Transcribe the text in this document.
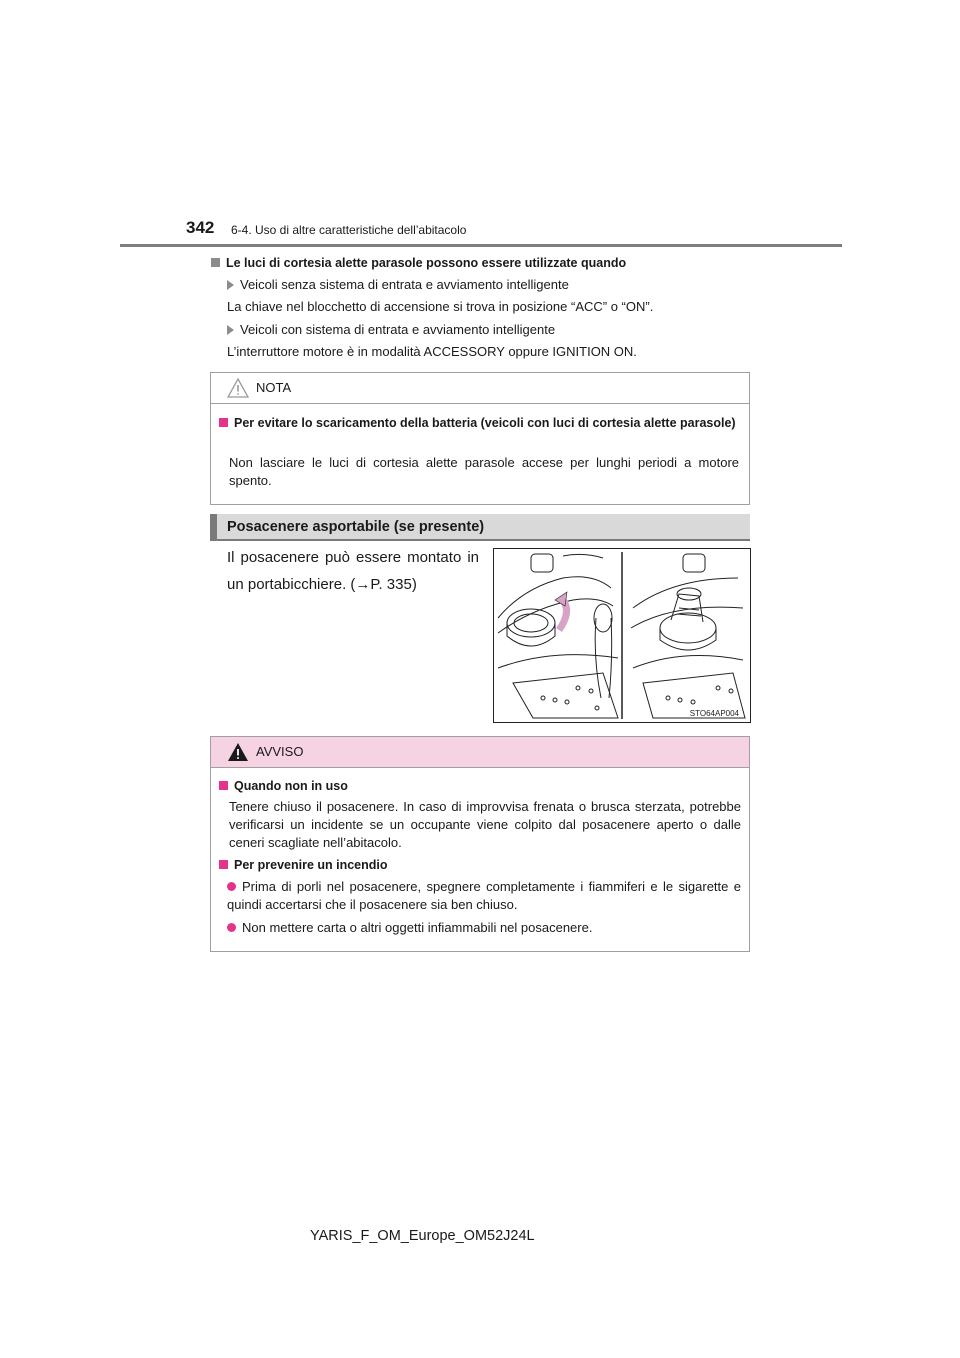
342 6-4. Uso di altre caratteristiche dell’abitacolo
Le luci di cortesia alette parasole possono essere utilizzate quando
Veicoli senza sistema di entrata e avviamento intelligente
La chiave nel blocchetto di accensione si trova in posizione “ACC” o “ON”.
Veicoli con sistema di entrata e avviamento intelligente
L’interruttore motore è in modalità ACCESSORY oppure IGNITION ON.
NOTA
Per evitare lo scaricamento della batteria (veicoli con luci di cortesia alette parasole)
Non lasciare le luci di cortesia alette parasole accese per lunghi periodi a motore spento.
Posacenere asportabile (se presente)
Il posacenere può essere montato in un portabicchiere. (→P. 335)
STO64AP004
AVVISO
Quando non in uso
Tenere chiuso il posacenere. In caso di improvvisa frenata o brusca sterzata, potrebbe verificarsi un incidente se un occupante viene colpito dal posacenere aperto o dalle ceneri scagliate nell’abitacolo.
Per prevenire un incendio
Prima di porli nel posacenere, spegnere completamente i fiammiferi e le sigarette e quindi accertarsi che il posacenere sia ben chiuso.
Non mettere carta o altri oggetti infiammabili nel posacenere.
YARIS_F_OM_Europe_OM52J24L
